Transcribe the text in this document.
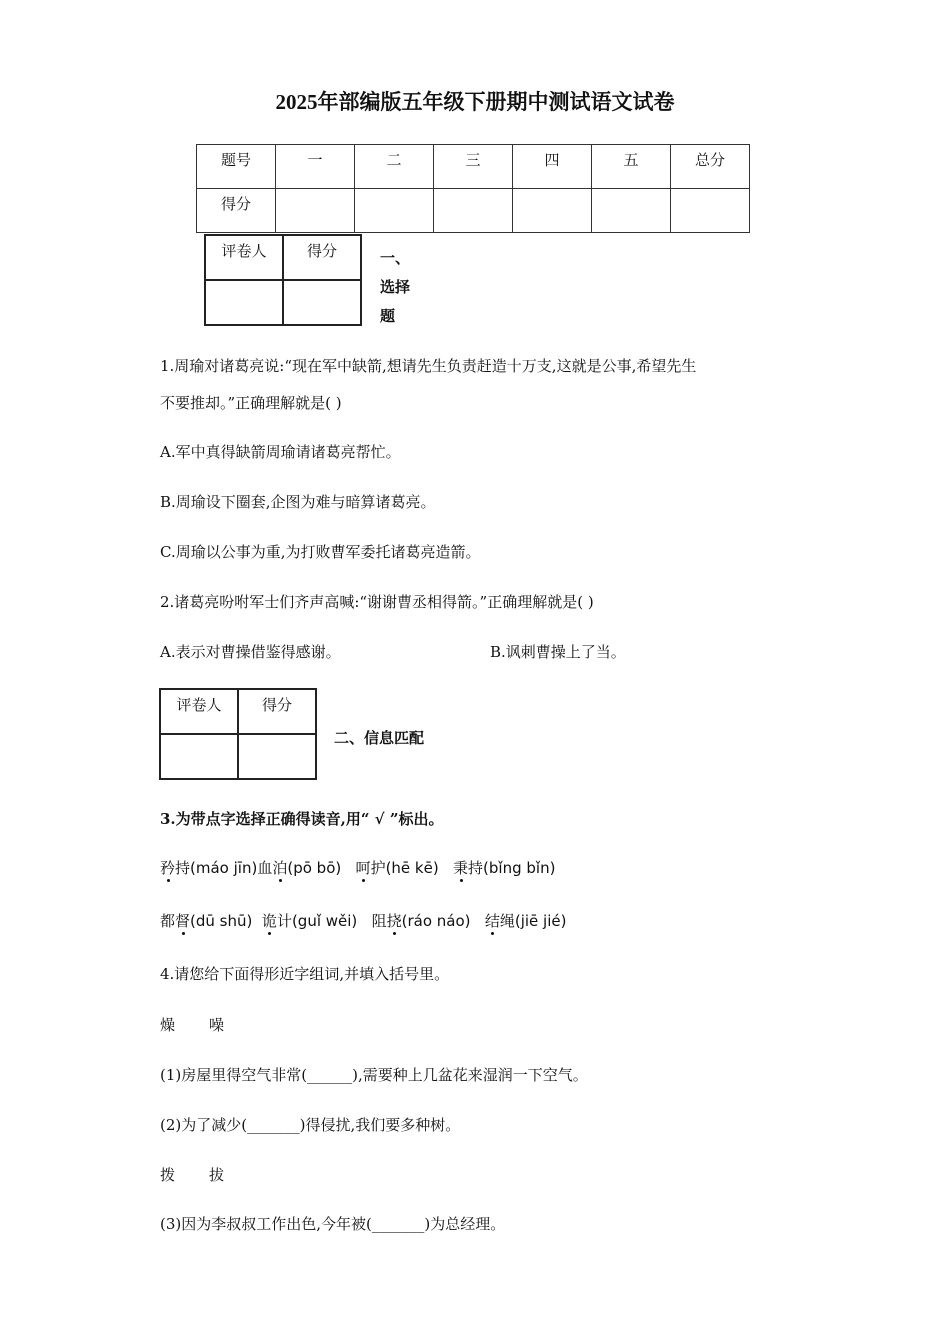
2025年部编版五年级下册期中测试语文试卷
题号	一	二	三	四	五	总分
得分						
评卷人	得分
		一、
选择
题
1.周瑜对诸葛亮说:“现在军中缺箭,想请先生负责赶造十万支,这就是公事,希望先生
不要推却。”正确理解就是( )
A.军中真得缺箭周瑜请诸葛亮帮忙。
B.周瑜设下圈套,企图为难与暗算诸葛亮。
C.周瑜以公事为重,为打败曹军委托诸葛亮造箭。
2.诸葛亮吩咐军士们齐声高喊:“谢谢曹丞相得箭。”正确理解就是( )
A.表示对曹操借鉴得感谢。	B.讽刺曹操上了当。
评卷人	得分

二、信息匹配
3.为带点字选择正确得读音,用“ √ ”标出。
矜持(máo jīn)血泊(pō bō) 呵护(hē kē) 秉持(bǐng bǐn)
都督(dū shū) 诡计(guǐ wěi) 阻挠(ráo náo) 结绳(jiē jié)
4.请您给下面得形近字组词,并填入括号里。
燥 噪
(1)房屋里得空气非常(______),需要种上几盆花来湿润一下空气。
(2)为了减少(_______)得侵扰,我们要多种树。
拨 拔
(3)因为李叔叔工作出色,今年被(_______)为总经理。
